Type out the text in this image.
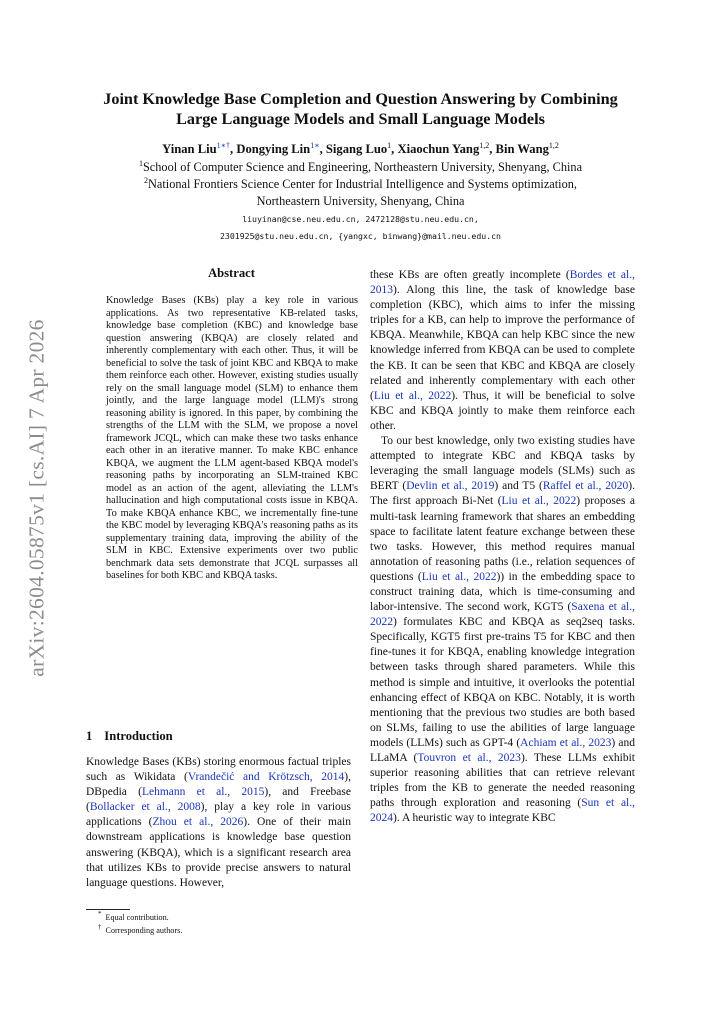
Joint Knowledge Base Completion and Question Answering by Combining
Large Language Models and Small Language Models
Yinan Liu$^{1∗\dagger}$, Dongying Lin$^{1∗}$, Sigang Luo$^1$, Xiaochun Yang$^{1,2}$, Bin Wang$^{1,2}$
$^1$School of Computer Science and Engineering, Northeastern University, Shenyang, China
$^2$National Frontiers Science Center for Industrial Intelligence and Systems optimization,
Northeastern University, Shenyang, China
liuyinan@cse.neu.edu.cn, 2472128@stu.neu.edu.cn,
2301925@stu.neu.edu.cn, {yangxc, binwang}@mail.neu.edu.cn
arXiv:2604.05875v1 [cs.AI] 7 Apr 2026
Abstract
Knowledge Bases (KBs) play a key role in various applications. As two representative KB-related tasks, knowledge base completion (KBC) and knowledge base question answering (KBQA) are closely related and inherently complementary with each other. Thus, it will be beneficial to solve the task of joint KBC and KBQA to make them reinforce each other. However, existing studies usually rely on the small language model (SLM) to enhance them jointly, and the large language model (LLM)'s strong reasoning ability is ignored. In this paper, by combining the strengths of the LLM with the SLM, we propose a novel framework JCQL, which can make these two tasks enhance each other in an iterative manner. To make KBC enhance KBQA, we augment the LLM agent-based KBQA model's reasoning paths by incorporating an SLM-trained KBC model as an action of the agent, alleviating the LLM's hallucination and high computational costs issue in KBQA. To make KBQA enhance KBC, we incrementally fine-tune the KBC model by leveraging KBQA's reasoning paths as its supplementary training data, improving the ability of the SLM in KBC. Extensive experiments over two public benchmark data sets demonstrate that JCQL surpasses all baselines for both KBC and KBQA tasks.
1 Introduction

Knowledge Bases (KBs) storing enormous factual triples such as Wikidata (Vrandečić and Krötzsch, 2014), DBpedia (Lehmann et al., 2015), and Freebase (Bollacker et al., 2008), play a key role in various applications (Zhou et al., 2026). One of their main downstream applications is knowledge base question answering (KBQA), which is a significant research area that utilizes KBs to provide precise answers to natural language questions. However,

* Equal contribution.
† Corresponding authors.

these KBs are often greatly incomplete (Bordes et al., 2013). Along this line, the task of knowledge base completion (KBC), which aims to infer the missing triples for a KB, can help to improve the performance of KBQA. Meanwhile, KBQA can help KBC since the new knowledge inferred from KBQA can be used to complete the KB. It can be seen that KBC and KBQA are closely related and inherently complementary with each other (Liu et al., 2022). Thus, it will be beneficial to solve KBC and KBQA jointly to make them reinforce each other.

To our best knowledge, only two existing studies have attempted to integrate KBC and KBQA tasks by leveraging the small language models (SLMs) such as BERT (Devlin et al., 2019) and T5 (Raffel et al., 2020). The first approach Bi-Net (Liu et al., 2022) proposes a multi-task learning framework that shares an embedding space to facilitate latent feature exchange between these two tasks. However, this method requires manual annotation of reasoning paths (i.e., relation sequences of questions (Liu et al., 2022)) in the embedding space to construct training data, which is time-consuming and labor-intensive. The second work, KGT5 (Saxena et al., 2022) formulates KBC and KBQA as seq2seq tasks. Specifically, KGT5 first pre-trains T5 for KBC and then fine-tunes it for KBQA, enabling knowledge integration between tasks through shared parameters. While this method is simple and intuitive, it overlooks the potential enhancing effect of KBQA on KBC. Notably, it is worth mentioning that the previous two studies are both based on SLMs, failing to use the abilities of large language models (LLMs) such as GPT-4 (Achiam et al., 2023) and LLaMA (Touvron et al., 2023). These LLMs exhibit superior reasoning abilities that can retrieve relevant triples from the KB to generate the needed reasoning paths through exploration and reasoning (Sun et al., 2024). A heuristic way to integrate KBC
